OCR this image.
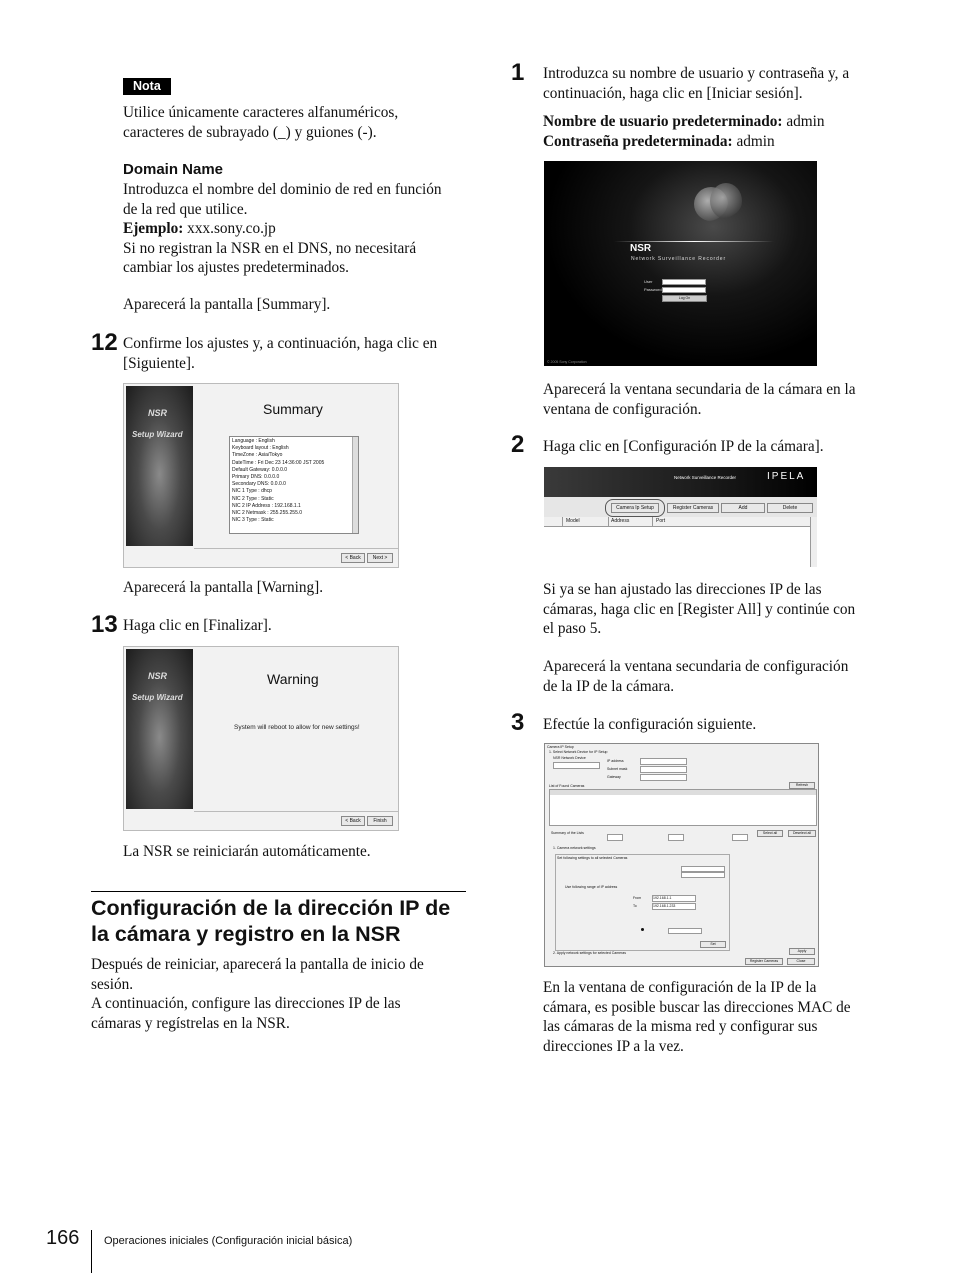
Nota
Utilice únicamente caracteres alfanuméricos,
caracteres de subrayado (_) y guiones (-).
Domain Name
Introduzca el nombre del dominio de red en función
de la red que utilice.
Ejemplo: xxx.sony.co.jp
Si no registran la NSR en el DNS, no necesitará
cambiar los ajustes predeterminados.
Aparecerá la pantalla [Summary].
12 Confirme los ajustes y, a continuación, haga clic en
[Siguiente].
NSR
Setup Wizard
Summary
Language : English
Keyboard layout : English
TimeZone : Asia/Tokyo
DateTime : Fri Dec 23 14:36:00 JST 2005
Default Gateway: 0.0.0.0
Primary DNS: 0.0.0.0
Secondary DNS: 0.0.0.0
NIC 1 Type : dhcp
NIC 2 Type : Static
NIC 2 IP Address : 192.168.1.1
NIC 2 Netmask : 255.255.255.0
NIC 3 Type : Static
< Back	Next >
Aparecerá la pantalla [Warning].
13 Haga clic en [Finalizar].
NSR
Setup Wizard
Warning
System will reboot to allow for new settings!
< Back	Finish
La NSR se reiniciarán automáticamente.
Configuración de la dirección IP de
la cámara y registro en la NSR
Después de reiniciar, aparecerá la pantalla de inicio de
sesión.
A continuación, configure las direcciones IP de las
cámaras y regístrelas en la NSR.
1 Introduzca su nombre de usuario y contraseña y, a
continuación, haga clic en [Iniciar sesión].
Nombre de usuario predeterminado: admin
Contraseña predeterminada: admin
NSR
Network Surveillance Recorder
User
Password
Log On
© 2005 Sony Corporation
Aparecerá la ventana secundaria de la cámara en la
ventana de configuración.
2 Haga clic en [Configuración IP de la cámara].
Network Surveillance Recorder	IPELA
Camera Ip Setup	Register Cameras	Add	Delete
Model	Address	Port
Si ya se han ajustado las direcciones IP de las
cámaras, haga clic en [Register All] y continúe con
el paso 5.
Aparecerá la ventana secundaria de configuración
de la IP de la cámara.
3 Efectúe la configuración siguiente.
Camera IP Setup
1. Select Network Device for IP Setup
NSR Network Device
IP address
Subnet mask
Gateway
Refresh
List of Found Cameras
Summary of the Lists	Select all	Deselect all
1. Camera network settings
Set following settings to all selected Cameras
Use following range of IP address
From	192.168.1.1
To	192.168.1.233
Set
2. Apply network settings for selected Cameras	Apply
Register Cameras	Close
En la ventana de configuración de la IP de la
cámara, es posible buscar las direcciones MAC de
las cámaras de la misma red y configurar sus
direcciones IP a la vez.
166 Operaciones iniciales (Configuración inicial básica)
